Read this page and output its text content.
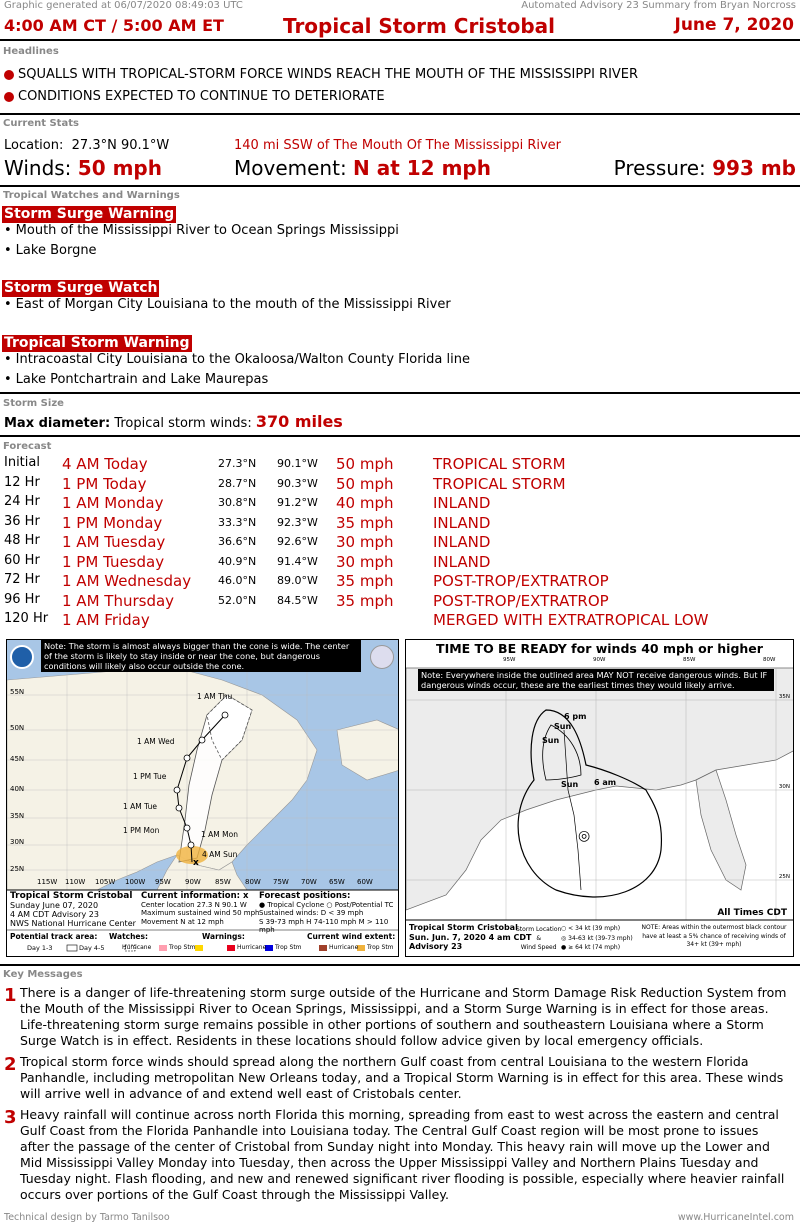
Graphic generated at 06/07/2020 08:49:03 UTC	Automated Advisory 23 Summary from Bryan Norcross
4:00 AM CT / 5:00 AM ET	Tropical Storm Cristobal	June 7, 2020
Headlines
SQUALLS WITH TROPICAL-STORM FORCE WINDS REACH THE MOUTH OF THE MISSISSIPPI RIVER
CONDITIONS EXPECTED TO CONTINUE TO DETERIORATE
Current Stats
Location: 27.3°N 90.1°W	140 mi SSW of The Mouth Of The Mississippi River
Winds: 50 mph	Movement: N at 12 mph	Pressure: 993 mb
Tropical Watches and Warnings
Storm Surge Warning
• Mouth of the Mississippi River to Ocean Springs Mississippi
• Lake Borgne
Storm Surge Watch
• East of Morgan City Louisiana to the mouth of the Mississippi River
Tropical Storm Warning
• Intracoastal City Louisiana to the Okaloosa/Walton County Florida line
• Lake Pontchartrain and Lake Maurepas
Storm Size
Max diameter: Tropical storm winds: 370 miles
Forecast
Initial 4 AM Today	27.3°N 90.1°W 50 mph	TROPICAL STORM
12 Hr 1 PM Today	28.7°N 90.3°W 50 mph	TROPICAL STORM
24 Hr 1 AM Monday	30.8°N 91.2°W 40 mph	INLAND
36 Hr 1 PM Monday	33.3°N 92.3°W 35 mph	INLAND
48 Hr 1 AM Tuesday	36.6°N 92.6°W 30 mph	INLAND
60 Hr 1 PM Tuesday	40.9°N 91.4°W 30 mph	INLAND
72 Hr 1 AM Wednesday 46.0°N 89.0°W 35 mph	POST-TROP/EXTRATROP
96 Hr 1 AM Thursday	52.0°N 84.5°W 35 mph	POST-TROP/EXTRATROP
120 Hr 1 AM Friday	MERGED WITH EXTRATROPICAL LOW
x
Note: The storm is almost always bigger than the cone is wide. The center of the storm is likely to stay inside or near the cone, but dangerous conditions will likely also occur outside the cone.
55N
50N
45N
40N
35N
30N
25N
115W 110W 105W 100W 95W 90W 85W 80W 75W 70W 65W 60W
1 AM Thu
1 AM Wed
1 PM Tue
1 AM Tue
1 PM Mon	1 AM Mon
4 AM Sun
Tropical Storm Cristobal
Sunday June 07, 2020
4 AM CDT Advisory 23
NWS National Hurricane Center
Current information: x
Center location 27.3 N 90.1 W
Maximum sustained wind 50 mph
Movement N at 12 mph
Forecast positions:
● Tropical Cyclone ○ Post/Potential TC
Sustained winds: D < 39 mph
S 39-73 mph H 74-110 mph M > 110 mph
Potential track area:
Day 1-3	Day 4-5
Watches:
Hurricane	Trop Stm
Warnings:
Hurricane Trop Stm
Current wind extent:
Hurricane Trop Stm
◎
TIME TO BE READY for winds 40 mph or higher
95W	90W	85W	80W
35N
30N
25N
Note: Everywhere inside the outlined area MAY NOT receive dangerous winds. But IF dangerous winds occur, these are the earliest times they would likely arrive.
Sun
6 pm
Sun
Sun 6 am
All Times CDT
Tropical Storm Cristobal
Sun. Jun. 7, 2020 4 am CDT
Advisory 23
Storm Location
&
Wind Speed
○ < 34 kt (39 mph)
◎ 34-63 kt (39-73 mph)
● ≥ 64 kt (74 mph)
NOTE: Areas within the outermost black contour have at least a 5% chance of receiving winds of 34+ kt (39+ mph)
Key Messages
1 There is a danger of life-threatening storm surge outside of the Hurricane and Storm Damage Risk Reduction System from the Mouth of the Mississippi River to Ocean Springs, Mississippi, and a Storm Surge Warning is in effect for those areas. Life-threatening storm surge remains possible in other portions of southern and southeastern Louisiana where a Storm Surge Watch is in effect. Residents in these locations should follow advice given by local emergency officials.
2 Tropical storm force winds should spread along the northern Gulf coast from central Louisiana to the western Florida Panhandle, including metropolitan New Orleans today, and a Tropical Storm Warning is in effect for this area. These winds will arrive well in advance of and extend well east of Cristobals center.
3 Heavy rainfall will continue across north Florida this morning, spreading from east to west across the eastern and central Gulf Coast from the Florida Panhandle into Louisiana today. The Central Gulf Coast region will be most prone to issues after the passage of the center of Cristobal from Sunday night into Monday. This heavy rain will move up the Lower and Mid Mississippi Valley Monday into Tuesday, then across the Upper Mississippi Valley and Northern Plains Tuesday and Tuesday night. Flash flooding, and new and renewed significant river flooding is possible, especially where heavier rainfall occurs over portions of the Gulf Coast through the Mississippi Valley.
Technical design by Tarmo Tanilsoo	www.HurricaneIntel.com
